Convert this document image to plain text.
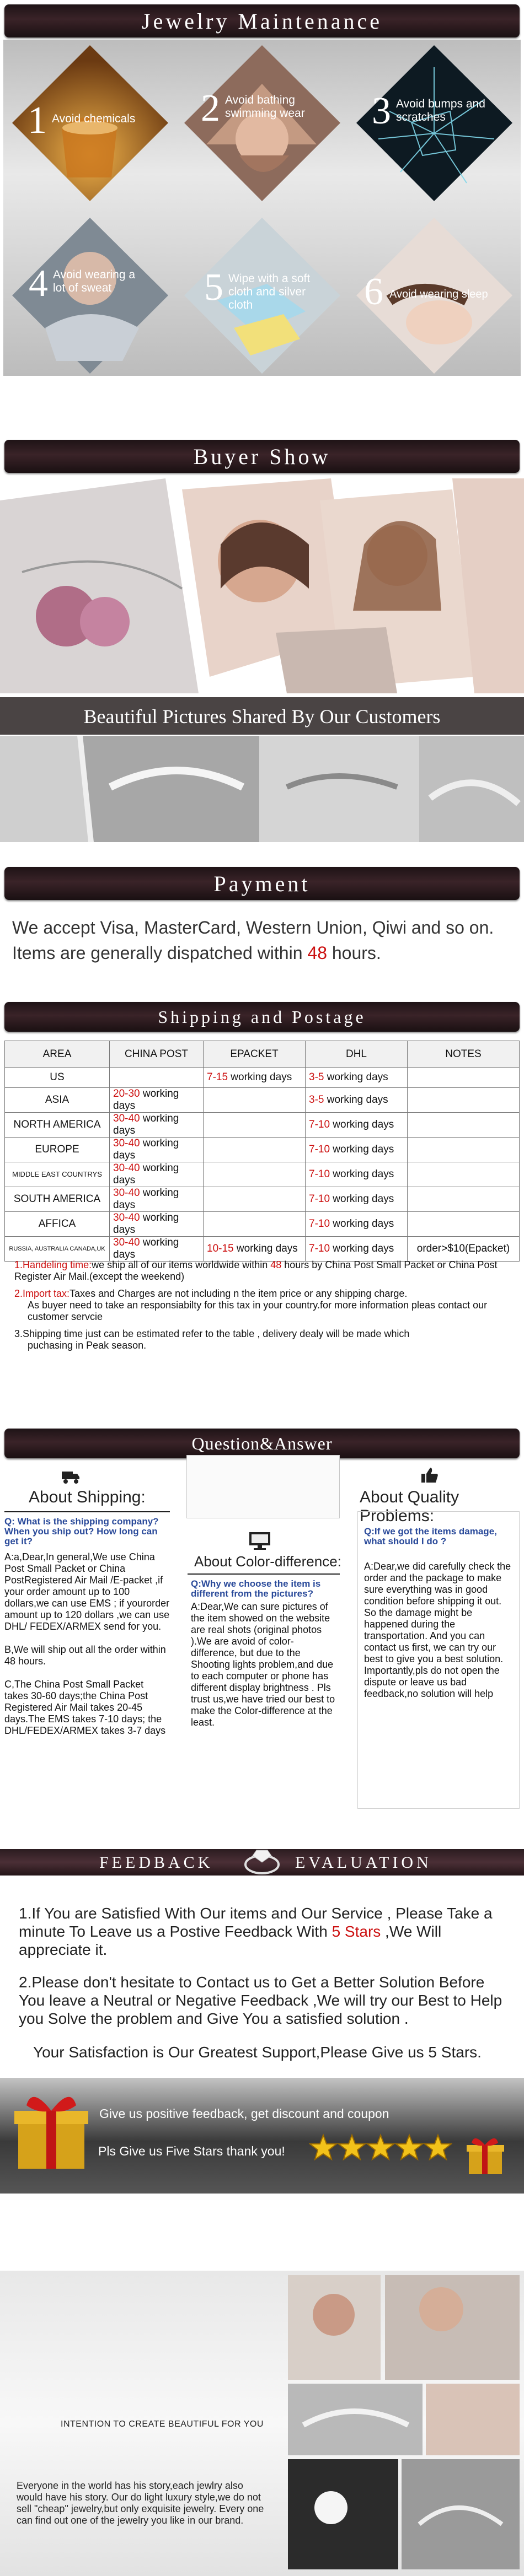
Jewelry Maintenance
1 Avoid chemicals 2 Avoid bathing swimming wear	3 Avoid bumps and scratches
4 Avoid wearing a lot of sweat	5 Wipe with a soft cloth and silver cloth	6 Avoid wearing sleep
Buyer Show
Beautiful Pictures Shared By Our Customers
Payment
We accept Visa, MasterCard, Western Union, Qiwi and so on.
Items are generally dispatched within 48 hours.
Shipping and Postage
AREA	CHINA POST	EPACKET	DHL	NOTES
US		7-15 working days	3-5 working days	
ASIA	20-30 working days		3-5 working days	
NORTH AMERICA	30-40 working days		7-10 working days	
EUROPE	30-40 working days		7-10 working days	
MIDDLE EAST COUNTRYS	30-40 working days		7-10 working days	
SOUTH AMERICA	30-40 working days		7-10 working days	
AFFICA	30-40 working days		7-10 working days	
RUSSIA, AUSTRALIA CANADA,UK	30-40 working days	10-15 working days	7-10 working days	order>$10(Epacket)

1.Handeling time:we ship all of our items worldwide within 48 hours by China Post Small Packet or China Post Register Air Mail.(except the weekend)

2.Import tax:Taxes and Charges are not including n the item price or any shipping charge.
As buyer need to take an responsiabilty for this tax in your country.for more information pleas contact our customer servcie

3.Shipping time just can be estimated refer to the table , delivery dealy will be made which
puchasing in Peak season.

Question&Answer
About Shipping:
Q: What is the shipping company? When you ship out? How long can get it?

A:a,Dear,In general,We use China Post Small Packet or China PostRegistered Air Mail /E-packet ,if your order amount up to 100 dollars,we can use EMS ; if yourorder amount up to 120 dollars ,we can use DHL/ FEDEX/ARMEX send for you.

B,We will ship out all the order within 48 hours.

C,The China Post Small Packet takes 30-60 days;the China Post Registered Air Mail takes 20-45 days.The EMS takes 7-10 days; the DHL/FEDEX/ARMEX takes 3-7 days

About Color-difference:
Q:Why we choose the item is different from the pictures?
A:Dear,We can sure pictures of the item showed on the website are real shots (original photos ).We are avoid of color-difference, but due to the Shooting lights problem,and due to each computer or phone has different display brightness . Pls trust us,we have tried our best to make the Color-difference at the least.
About Quality Problems:
Q:If we got the items damage, what should I do ?
A:Dear,we did carefully check the order and the package to make sure everything was in good condition before shipping it out. So the damage might be happened during the transportation. And you can contact us first, we can try our best to give you a best solution. Importantly,pls do not open the dispute or leave us bad feedback,no solution will help
FEEDBACK	EVALUATION

1.If You are Satisfied With Our items and Our Service , Please Take a minute To Leave us a Postive Feedback With 5 Stars ,We Will appreciate it.

2.Please don't hesitate to Contact us to Get a Better Solution Before You leave a Neutral or Negative Feedback ,We will try our Best to Help you Solve the problem and Give You a satisfied solution .

Your Satisfaction is Our Greatest Support,Please Give us 5 Stars.

Give us positive feedback, get discount and coupon
Pls Give us Five Stars thank you!
INTENTION TO CREATE BEAUTIFUL FOR YOU
Everyone in the world has his story,each jewlry also would have his story. Our do light luxury style,we do not sell "cheap" jewelry,but only exquisite jewelry. Every one can find out one of the jewelry you like in our brand.
